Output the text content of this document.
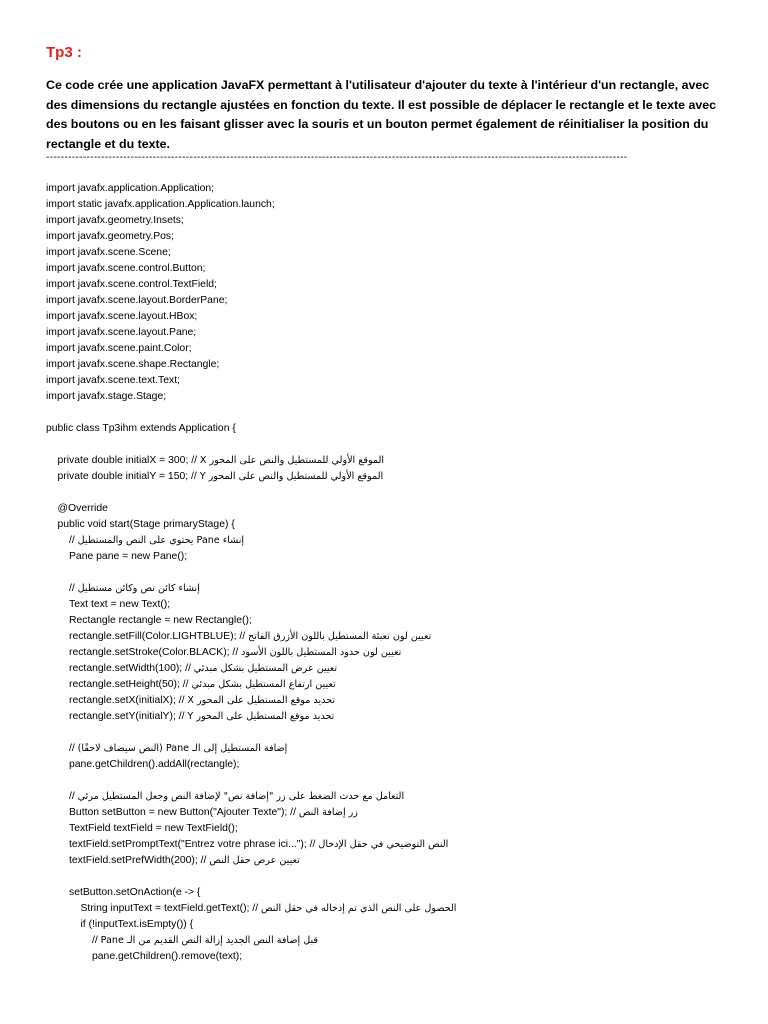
Tp3 :
Ce code crée une application JavaFX permettant à l'utilisateur d'ajouter du texte à l'intérieur d'un rectangle, avec
des dimensions du rectangle ajustées en fonction du texte. Il est possible de déplacer le rectangle et le texte avec
des boutons ou en les faisant glisser avec la souris et un bouton permet également de réinitialiser la position du
rectangle et du texte.
--------------------------------------------------------------------------------------------------------------------------------------------------------------
import javafx.application.Application;
import static javafx.application.Application.launch;
import javafx.geometry.Insets;
import javafx.geometry.Pos;
import javafx.scene.Scene;
import javafx.scene.control.Button;
import javafx.scene.control.TextField;
import javafx.scene.layout.BorderPane;
import javafx.scene.layout.HBox;
import javafx.scene.layout.Pane;
import javafx.scene.paint.Color;
import javafx.scene.shape.Rectangle;
import javafx.scene.text.Text;
import javafx.stage.Stage;
public class Tp3ihm extends Application {
private double initialX = 300; // الموقع الأولي للمستطيل والنص على المحور X
private double initialY = 150; // الموقع الأولي للمستطيل والنص على المحور Y
@Override
public void start(Stage primaryStage) {
// إنشاء Pane يحتوي على النص والمستطيل
Pane pane = new Pane();
// إنشاء كائن نص وكائن مستطيل
Text text = new Text();
Rectangle rectangle = new Rectangle();
rectangle.setFill(Color.LIGHTBLUE); // تعيين لون تعبئة المستطيل باللون الأزرق الفاتح
rectangle.setStroke(Color.BLACK); // تعيين لون حدود المستطيل باللون الأسود
rectangle.setWidth(100); // تعيين عرض المستطيل بشكل مبدئي
rectangle.setHeight(50); // تعيين ارتفاع المستطيل بشكل مبدئي
rectangle.setX(initialX); // تحديد موقع المستطيل على المحور X
rectangle.setY(initialY); // تحديد موقع المستطيل على المحور Y
// إضافة المستطيل إلى الـ Pane (النص سيضاف لاحقًا)
pane.getChildren().addAll(rectangle);
// التعامل مع حدث الضغط على زر "إضافة نص" لإضافة النص وجعل المستطيل مرئي
Button setButton = new Button("Ajouter Texte"); // زر إضافة النص
TextField textField = new TextField();
textField.setPromptText("Entrez votre phrase ici..."); // النص التوضيحي في حقل الإدخال
textField.setPrefWidth(200); // تعيين عرض حقل النص
setButton.setOnAction(e -> {
String inputText = textField.getText(); // الحصول على النص الذي تم إدخاله في حقل النص
if (!inputText.isEmpty()) {
// قبل إضافة النص الجديد إزالة النص القديم من الـ Pane
pane.getChildren().remove(text);
